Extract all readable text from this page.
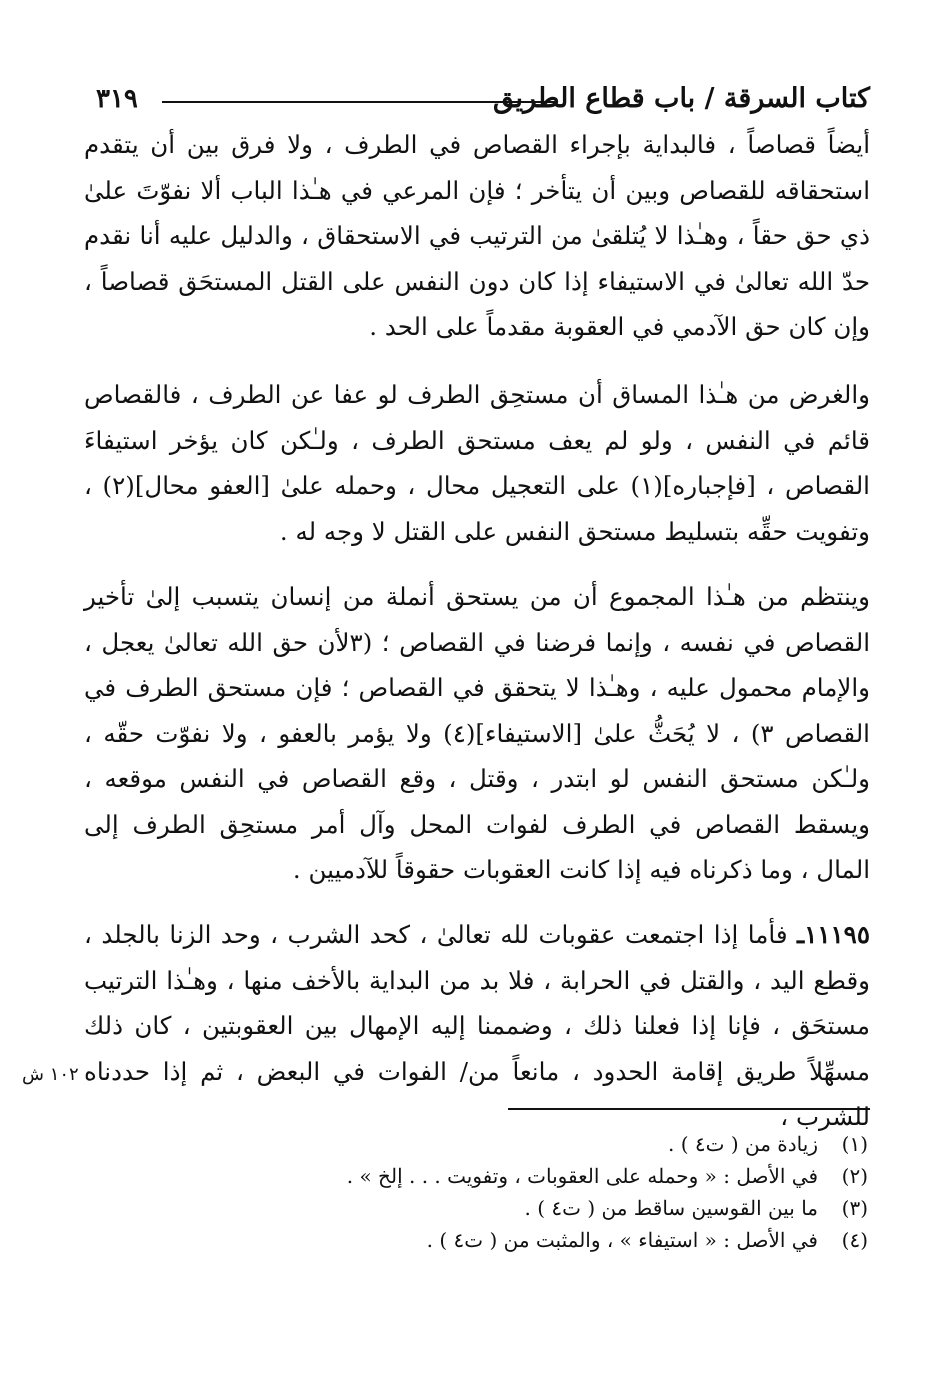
كتاب السرقة / باب قطاع الطريق
٣١٩

أيضاً قصاصاً ، فالبداية بإجراء القصاص في الطرف ، ولا فرق بين أن يتقدم استحقاقه للقصاص وبين أن يتأخر ؛ فإن المرعي في هـٰذا الباب ألا نفوّتَ علىٰ ذي حق حقاً ، وهـٰذا لا يُتلقىٰ من الترتيب في الاستحقاق ، والدليل عليه أنا نقدم حدّ الله تعالىٰ في الاستيفاء إذا كان دون النفس على القتل المستحَق قصاصاً ، وإن كان حق الآدمي في العقوبة مقدماً على الحد .

والغرض من هـٰذا المساق أن مستحِق الطرف لو عفا عن الطرف ، فالقصاص قائم في النفس ، ولو لم يعف مستحق الطرف ، ولـٰكن كان يؤخر استيفاءَ القصاص ، [فإجباره](١) على التعجيل محال ، وحمله علىٰ [العفو محال](٢) ، وتفويت حقِّه بتسليط مستحق النفس على القتل لا وجه له .

وينتظم من هـٰذا المجموع أن من يستحق أنملة من إنسان يتسبب إلىٰ تأخير القصاص في نفسه ، وإنما فرضنا في القصاص ؛ (٣لأن حق الله تعالىٰ يعجل ، والإمام محمول عليه ، وهـٰذا لا يتحقق في القصاص ؛ فإن مستحق الطرف في القصاص ٣) ، لا يُحَثُّ علىٰ [الاستيفاء](٤) ولا يؤمر بالعفو ، ولا نفوّت حقّه ، ولـٰكن مستحق النفس لو ابتدر ، وقتل ، وقع القصاص في النفس موقعه ، ويسقط القصاص في الطرف لفوات المحل وآل أمر مستحِق الطرف إلى المال ، وما ذكرناه فيه إذا كانت العقوبات حقوقاً للآدميين .

١١١٩٥ـ فأما إذا اجتمعت عقوبات لله تعالىٰ ، كحد الشرب ، وحد الزنا بالجلد ، وقطع اليد ، والقتل في الحرابة ، فلا بد من البداية بالأخف منها ، وهـٰذا الترتيب مستحَق ، فإنا إذا فعلنا ذلك ، وضممنا إليه الإمهال بين العقوبتين ، كان ذلك مسهِّلاً طريق إقامة الحدود ، مانعاً من/ الفوات في البعض ، ثم إذا حددناه للشرب ،

١٠٢ ش
(١)
زيادة من ( ت٤ ) .
(٢)
في الأصل : « وحمله على العقوبات ، وتفويت . . . إلخ » .
(٣)
ما بين القوسين ساقط من ( ت٤ ) .
(٤)
في الأصل : « استيفاء » ، والمثبت من ( ت٤ ) .
